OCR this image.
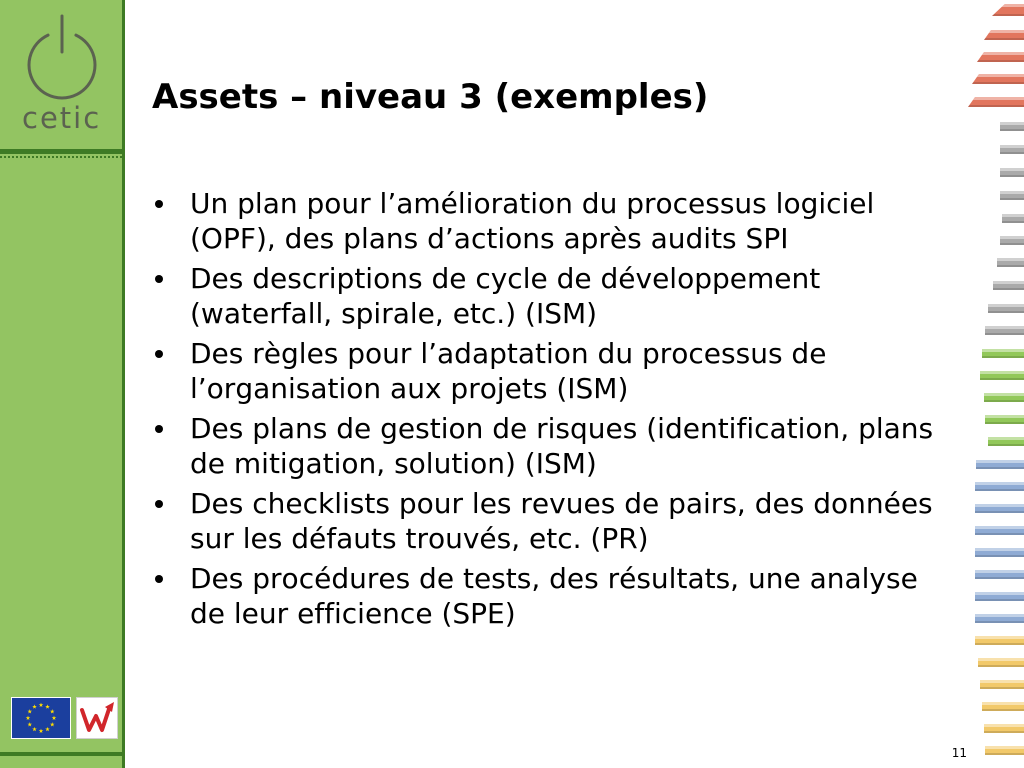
cetic
Assets – niveau 3 (exemples)
Un plan pour l’amélioration du processus logiciel (OPF), des plans d’actions après audits SPI
Des descriptions de cycle de développement (waterfall, spirale, etc.) (ISM)
Des règles pour l’adaptation du processus de l’organisation aux projets (ISM)
Des plans de gestion de risques (identification, plans de mitigation, solution) (ISM)
Des checklists pour les revues de pairs, des données sur les défauts trouvés, etc. (PR)
Des procédures de tests, des résultats, une analyse de leur efficience (SPE)
11
